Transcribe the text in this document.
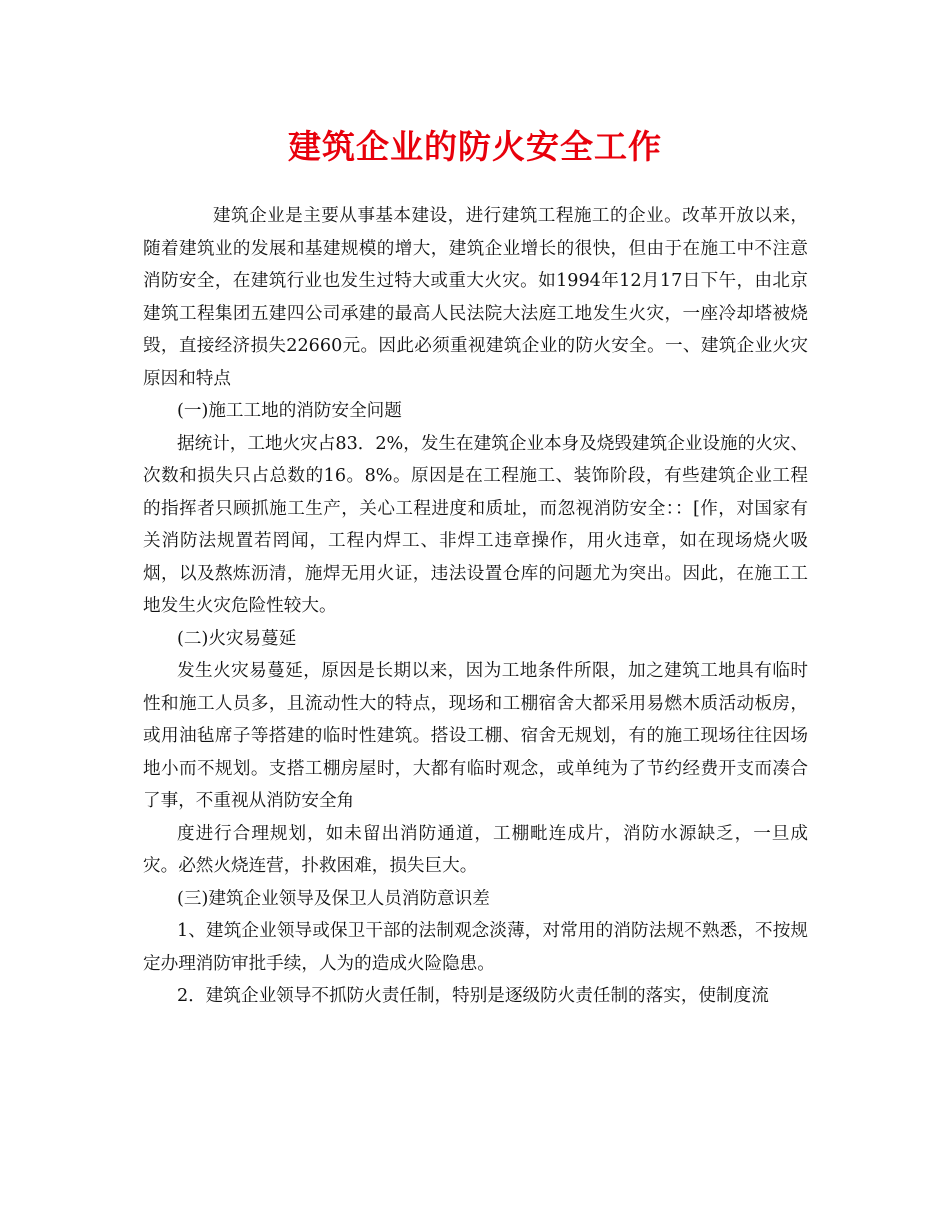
建筑企业的防火安全工作

建筑企业是主要从事基本建设，进行建筑工程施工的企业。改革开放以来，随着建筑业的发展和基建规模的增大，建筑企业增长的很快，但由于在施工中不注意消防安全，在建筑行业也发生过特大或重大火灾。如1994年12月17日下午，由北京建筑工程集团五建四公司承建的最高人民法院大法庭工地发生火灾，一座冷却塔被烧毁，直接经济损失22660元。因此必须重视建筑企业的防火安全。一、建筑企业火灾原因和特点

(一)施工工地的消防安全问题

据统计，工地火灾占83．2%，发生在建筑企业本身及烧毁建筑企业设施的火灾、次数和损失只占总数的16。8%。原因是在工程施工、装饰阶段，有些建筑企业工程的指挥者只顾抓施工生产，关心工程进度和质址，而忽视消防安全：：[作，对国家有关消防法规置若罔闻，工程内焊工、非焊工违章操作，用火违章，如在现场烧火吸烟，以及熬炼沥清，施焊无用火证，违法设置仓库的问题尤为突出。因此，在施工工地发生火灾危险性较大。

(二)火灾易蔓延

发生火灾易蔓延，原因是长期以来，因为工地条件所限，加之建筑工地具有临时性和施工人员多，且流动性大的特点，现场和工棚宿舍大都采用易燃木质活动板房，或用油毡席子等搭建的临时性建筑。搭设工棚、宿舍无规划，有的施工现场往往因场地小而不规划。支搭工棚房屋时，大都有临时观念，或单纯为了节约经费开支而凑合了事，不重视从消防安全角

度进行合理规划，如未留出消防通道，工棚毗连成片，消防水源缺乏，一旦成灾。必然火烧连营，扑救困难，损失巨大。

(三)建筑企业领导及保卫人员消防意识差

1、建筑企业领导或保卫干部的法制观念淡薄，对常用的消防法规不熟悉，不按规定办理消防审批手续，人为的造成火险隐患。

2．建筑企业领导不抓防火责任制，特别是逐级防火责任制的落实，使制度流
